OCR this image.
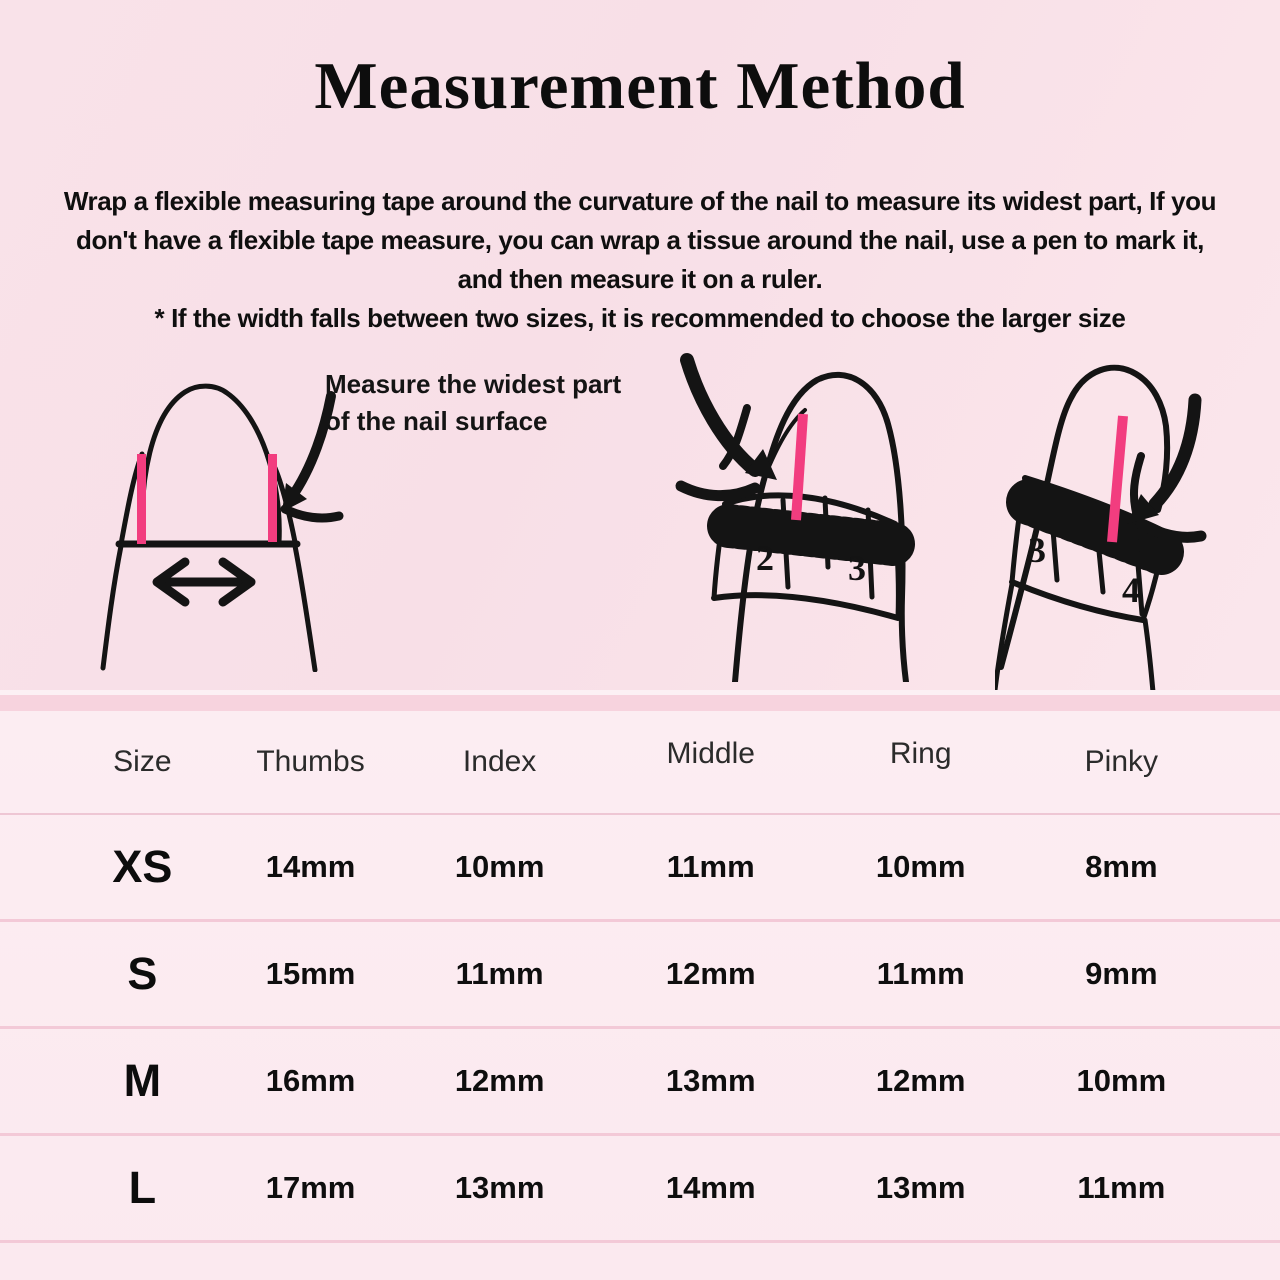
Measurement Method
Wrap a flexible measuring tape around the curvature of the nail to measure its widest part, If you
don't have a flexible tape measure, you can wrap a tissue around the nail, use a pen to mark it,
and then measure it on a ruler.
* If the width falls between two sizes, it is recommended to choose the larger size
Measure the widest part
of the nail surface
2 3	3
4
Size	Thumbs	Index	Middle	Ring	Pinky
XS	14mm	10mm	11mm	10mm	8mm
S	15mm	11mm	12mm	11mm	9mm
M	16mm	12mm	13mm	12mm	10mm
L	17mm	13mm	14mm	13mm	11mm
